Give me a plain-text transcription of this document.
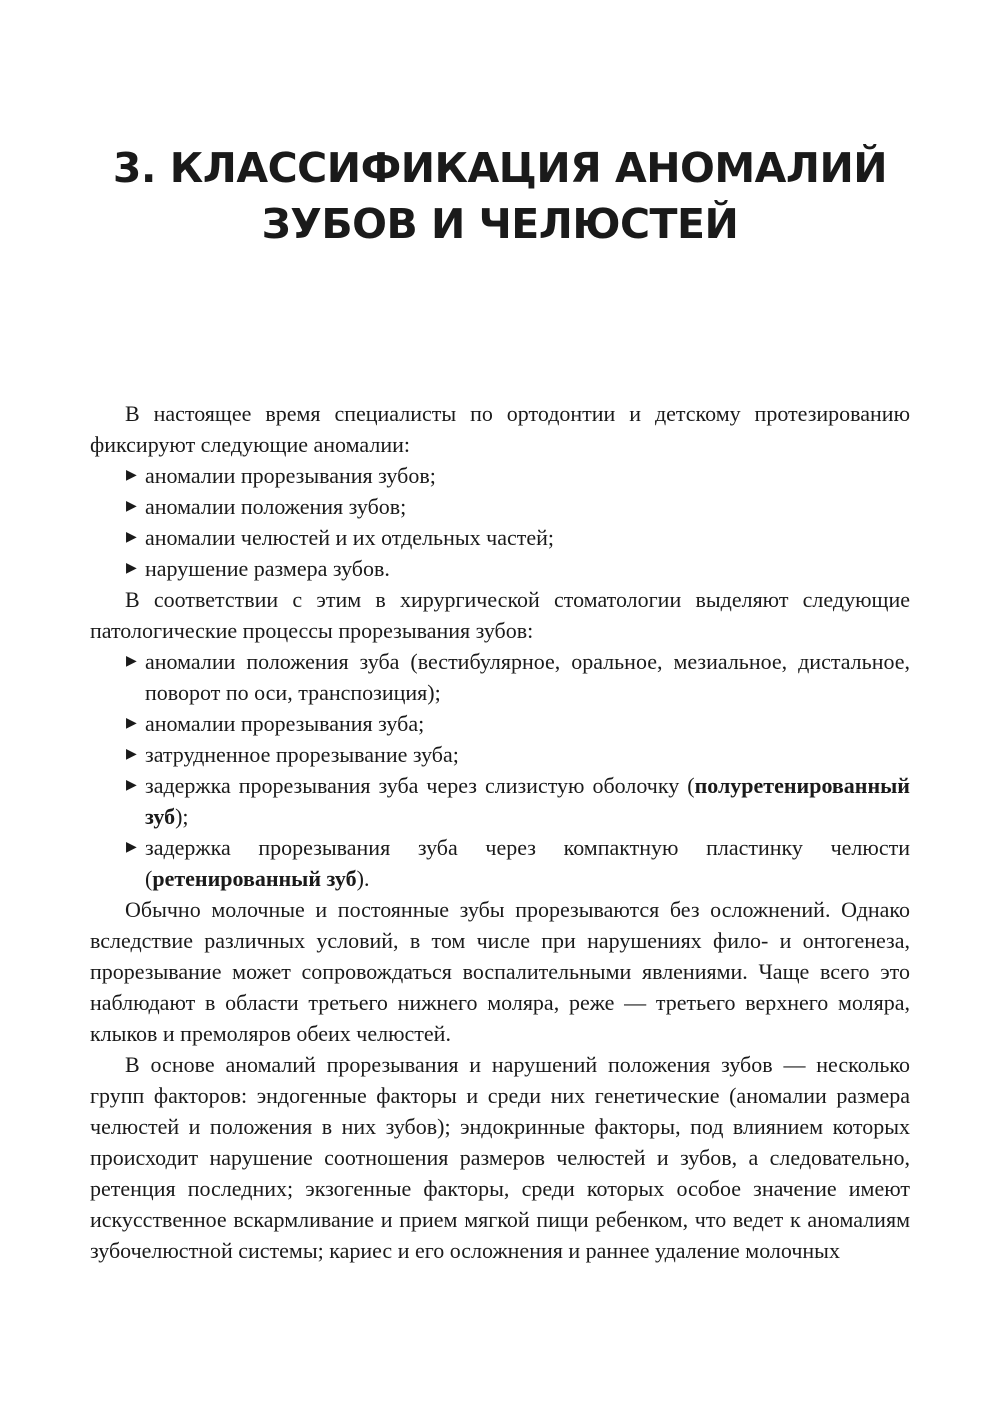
3. КЛАССИФИКАЦИЯ АНОМАЛИЙ
ЗУБОВ И ЧЕЛЮСТЕЙ

В настоящее время специалисты по ортодонтии и детскому протезированию фиксируют следующие аномалии:

▶ аномалии прорезывания зубов;
▶ аномалии положения зубов;
▶ аномалии челюстей и их отдельных частей;
▶ нарушение размера зубов.

В соответствии с этим в хирургической стоматологии выделяют следующие патологические процессы прорезывания зубов:

▶ аномалии положения зуба (вестибулярное, оральное, мезиальное, дистальное, поворот по оси, транспозиция);
▶ аномалии прорезывания зуба;
▶ затрудненное прорезывание зуба;
▶ задержка прорезывания зуба через слизистую оболочку (полуретенированный зуб);
▶ задержка прорезывания зуба через компактную пластинку челюсти (ретенированный зуб).

Обычно молочные и постоянные зубы прорезываются без осложнений. Однако вследствие различных условий, в том числе при нарушениях фило- и онтогенеза, прорезывание может сопровождаться воспалительными явлениями. Чаще всего это наблюдают в области третьего нижнего моляра, реже — третьего верхнего моляра, клыков и премоляров обеих челюстей.

В основе аномалий прорезывания и нарушений положения зубов — несколько групп факторов: эндогенные факторы и среди них генетические (аномалии размера челюстей и положения в них зубов); эндокринные факторы, под влиянием которых происходит нарушение соотношения размеров челюстей и зубов, а следовательно, ретенция последних; экзогенные факторы, среди которых особое значение имеют искусственное вскармливание и прием мягкой пищи ребенком, что ведет к аномалиям зубочелюстной системы; кариес и его осложнения и раннее удаление молочных
